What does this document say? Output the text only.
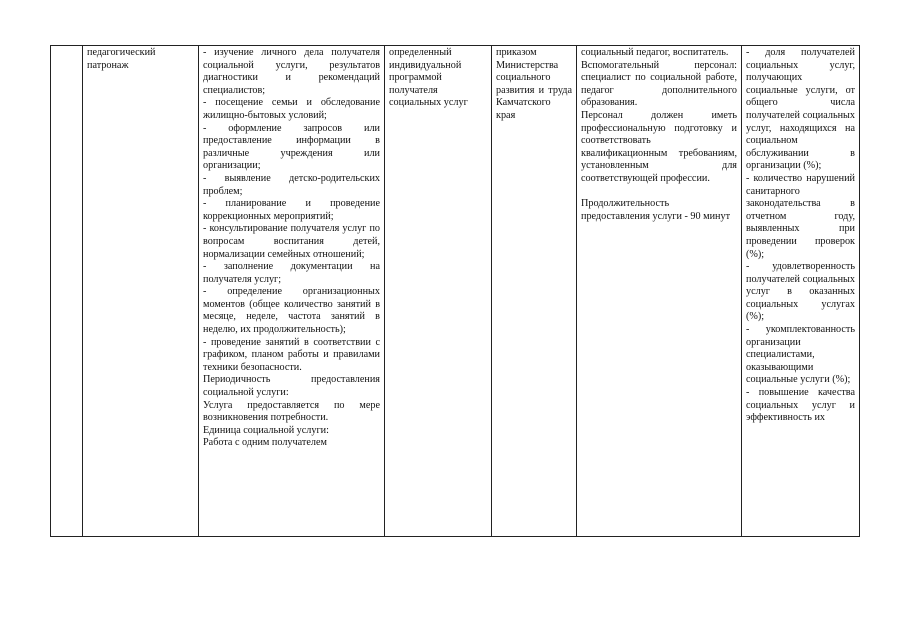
педагогический
патронаж

- изучение личного дела получателя социальной услуги, результатов диагностики и рекомендаций специалистов;
- посещение семьи и обследование жилищно-бытовых условий;
- оформление запросов или предоставление информации в различные учреждения или организации;
- выявление детско-родительских проблем;
- планирование и проведение коррекционных мероприятий;
- консультирование получателя услуг по вопросам воспитания детей, нормализации семейных отношений;
- заполнение документации на получателя услуг;
- определение организационных моментов (общее количество занятий в месяце, неделе, частота занятий в неделю, их продолжительность);
- проведение занятий в соответствии с графиком, планом работы и правилами техники безопасности.
Периодичность предоставления социальной услуги:
Услуга предоставляется по мере возникновения потребности.
Единица социальной услуги:
Работа с одним получателем

определенный индивидуальной программой получателя социальных услуг

приказом Министерства социального развития и труда Камчатского края

социальный педагог, воспитатель.
Вспомогательный персонал: специалист по социальной работе, педагог дополнительного образования.
Персонал должен иметь профессиональную подготовку и соответствовать квалификационным требованиям, установленным для соответствующей профессии.
Продолжительность предоставления услуги - 90 минут

- доля получателей социальных услуг, получающих социальные услуги, от общего числа получателей социальных услуг, находящихся на социальном обслуживании в организации (%);
- количество нарушений санитарного законодательства в отчетном году, выявленных при проведении проверок (%);
- удовлетворенность получателей социальных услуг в оказанных социальных услугах (%);
- укомплектованность организации специалистами, оказывающими социальные услуги (%);
- повышение качества социальных услуг и эффективность их
